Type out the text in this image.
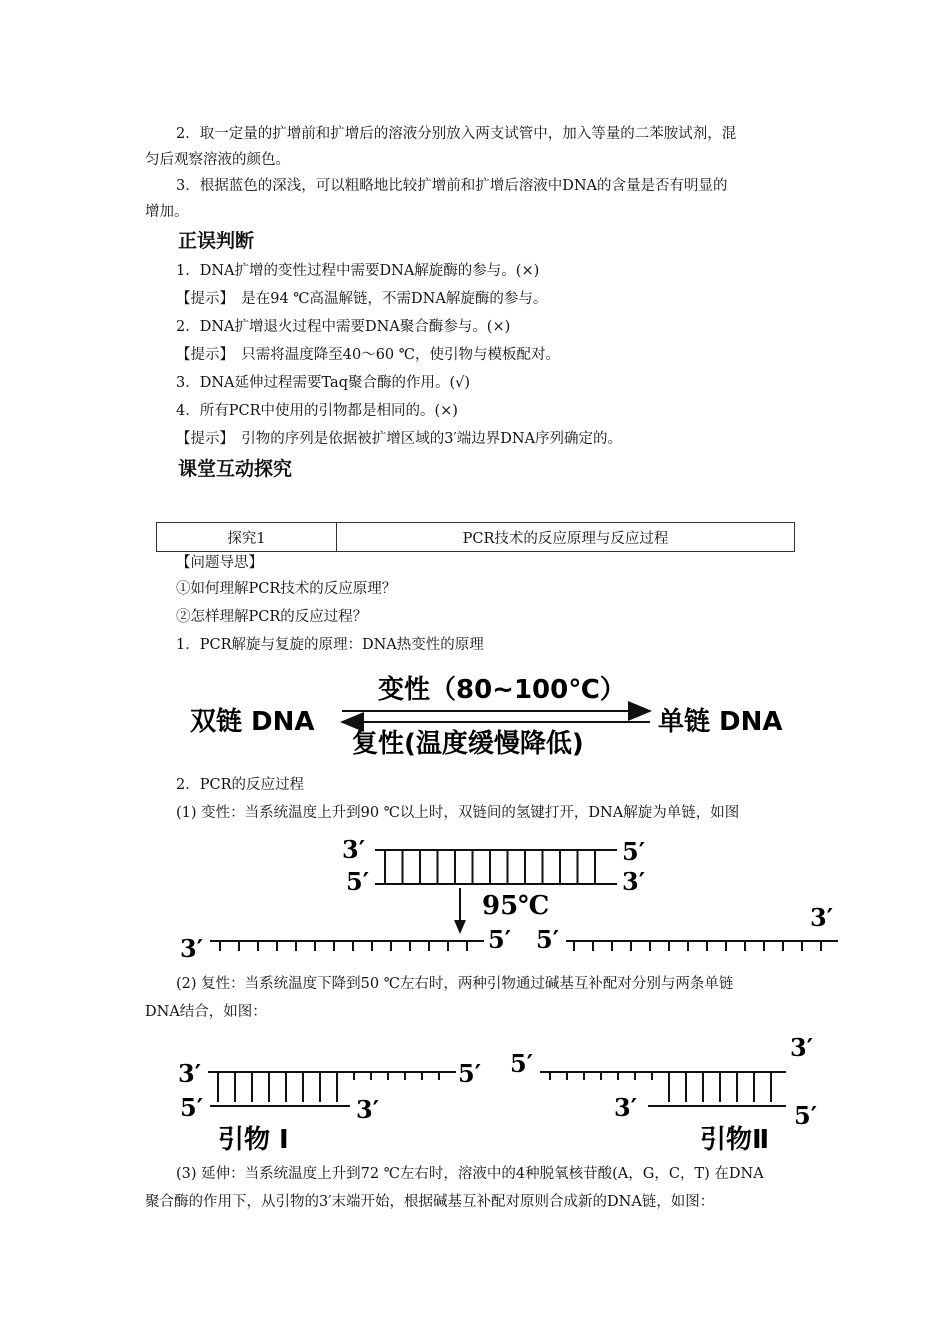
2．取一定量的扩增前和扩增后的溶液分别放入两支试管中，加入等量的二苯胺试剂，混
匀后观察溶液的颜色。
3．根据蓝色的深浅，可以粗略地比较扩增前和扩增后溶液中DNA的含量是否有明显的
增加。
正误判断
1．DNA扩增的变性过程中需要DNA解旋酶的参与。(×)
【提示】　是在94 ℃高温解链，不需DNA解旋酶的参与。
2．DNA扩增退火过程中需要DNA聚合酶参与。(×)
【提示】　只需将温度降至40～60 ℃，使引物与模板配对。
3．DNA延伸过程需要Taq聚合酶的作用。(√)
4．所有PCR中使用的引物都是相同的。(×)
【提示】　引物的序列是依据被扩增区域的3′端边界DNA序列确定的。
课堂互动探究
探究1	PCR技术的反应原理与反应过程
【问题导思】
①如何理解PCR技术的反应原理？
②怎样理解PCR的反应过程？
1．PCR解旋与复旋的原理：DNA热变性的原理
双链 DNA
变性（80~100℃）
复性(温度缓慢降低)
单链 DNA
2．PCR的反应过程
(1) 变性：当系统温度上升到90 ℃以上时，双链间的氢键打开，DNA解旋为单链，如图
3′
5′
5′
3′
95℃
3′	5′ 5′
3′
(2) 复性：当系统温度下降到50 ℃左右时，两种引物通过碱基互补配对分别与两条单链
DNA结合，如图：
3′	5′
5′	3′
引物 I
5′
3′
3′	5′
引物Ⅱ
(3) 延伸：当系统温度上升到72 ℃左右时，溶液中的4种脱氧核苷酸(A，G，C，T) 在DNA
聚合酶的作用下，从引物的3′末端开始，根据碱基互补配对原则合成新的DNA链，如图：
